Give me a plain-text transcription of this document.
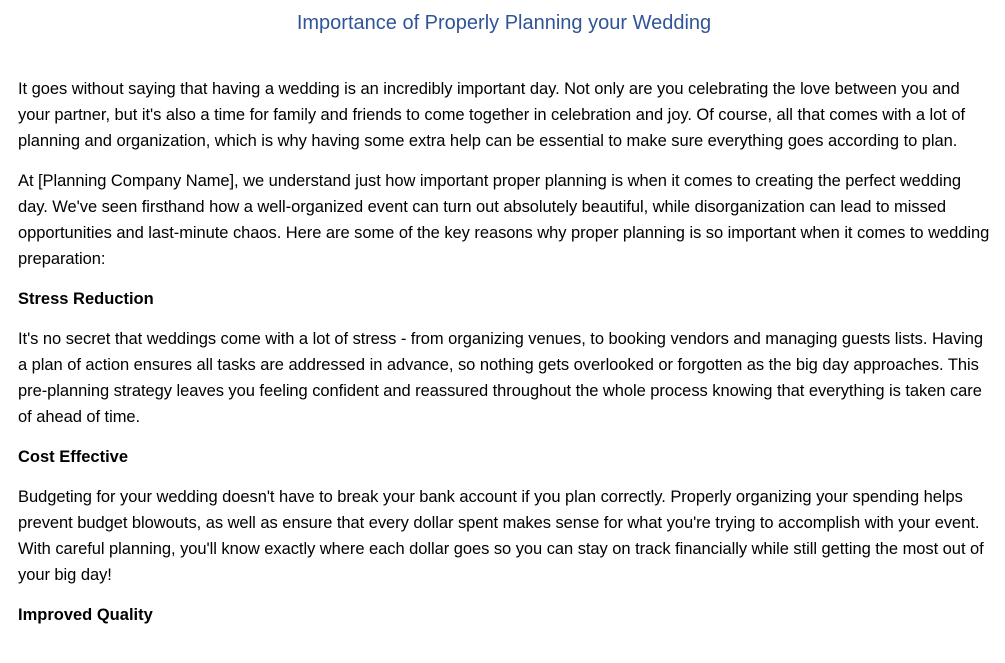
Importance of Properly Planning your Wedding

It goes without saying that having a wedding is an incredibly important day. Not only are you celebrating the love between you and your partner, but it's also a time for family and friends to come together in celebration and joy. Of course, all that comes with a lot of planning and organization, which is why having some extra help can be essential to make sure everything goes according to plan.

At [Planning Company Name], we understand just how important proper planning is when it comes to creating the perfect wedding day. We've seen firsthand how a well-organized event can turn out absolutely beautiful, while disorganization can lead to missed opportunities and last-minute chaos. Here are some of the key reasons why proper planning is so important when it comes to wedding preparation:

Stress Reduction

It's no secret that weddings come with a lot of stress - from organizing venues, to booking vendors and managing guests lists. Having a plan of action ensures all tasks are addressed in advance, so nothing gets overlooked or forgotten as the big day approaches. This pre-planning strategy leaves you feeling confident and reassured throughout the whole process knowing that everything is taken care of ahead of time.

Cost Effective

Budgeting for your wedding doesn't have to break your bank account if you plan correctly. Properly organizing your spending helps prevent budget blowouts, as well as ensure that every dollar spent makes sense for what you're trying to accomplish with your event. With careful planning, you'll know exactly where each dollar goes so you can stay on track financially while still getting the most out of your big day!

Improved Quality
